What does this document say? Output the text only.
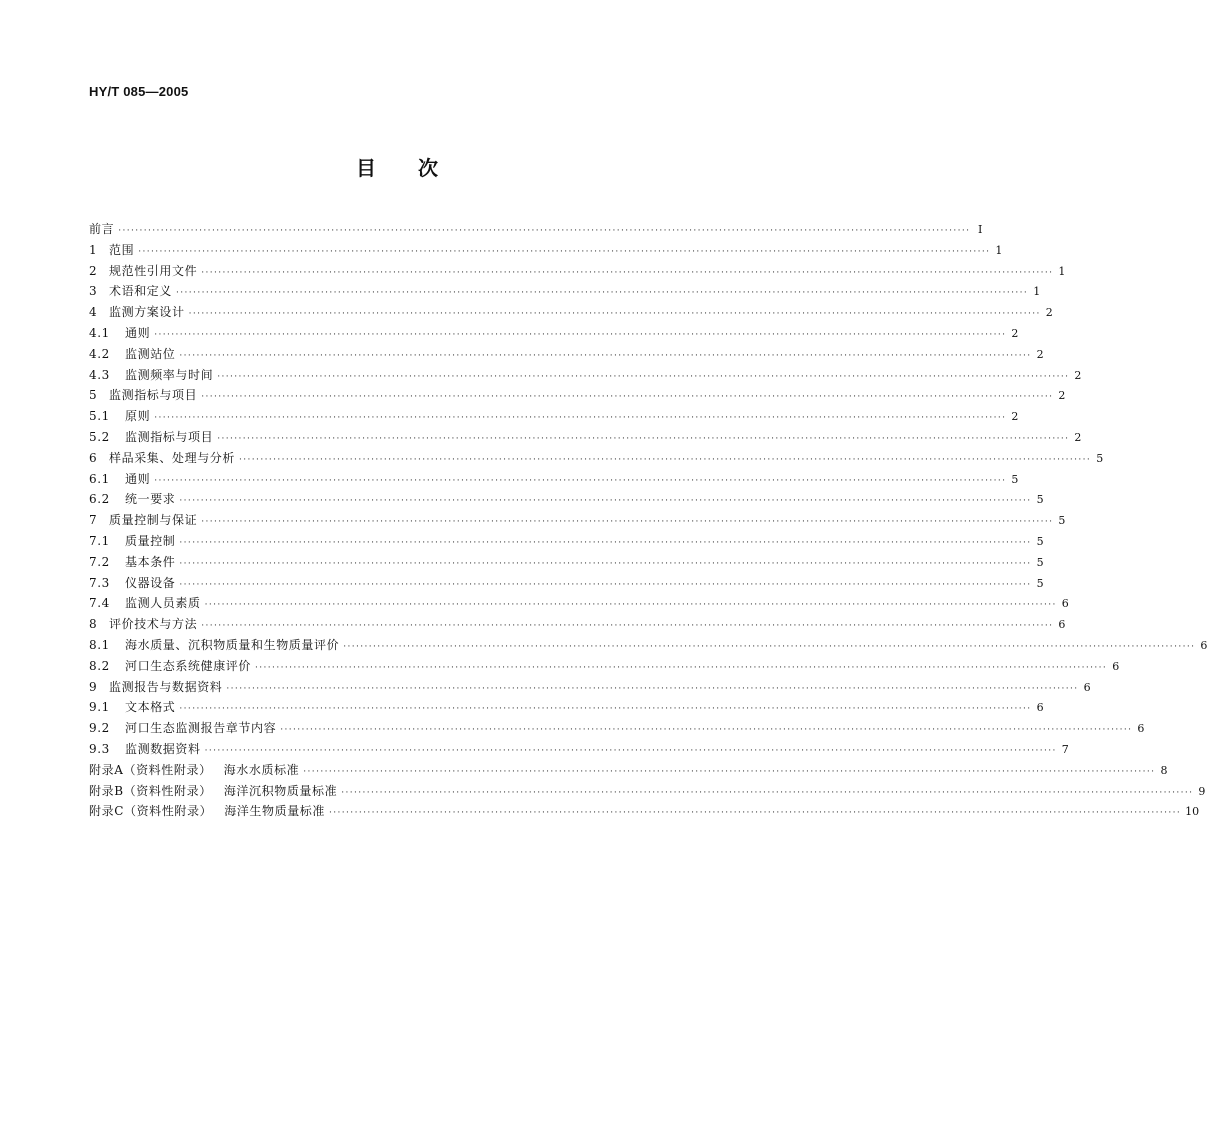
HY/T 085—2005
目次
前言 ········································································································································································································ I
1 范围 ········································································································································································································ 1
2 规范性引用文件 ········································································································································································································ 1
3 术语和定义 ········································································································································································································ 1
4 监测方案设计 ········································································································································································································ 2
4.1 通则 ········································································································································································································ 2
4.2 监测站位 ········································································································································································································ 2
4.3 监测频率与时间 ········································································································································································································ 2
5 监测指标与项目 ········································································································································································································ 2
5.1 原则 ········································································································································································································ 2
5.2 监测指标与项目 ········································································································································································································ 2
6 样品采集、处理与分析 ········································································································································································································ 5
6.1 通则 ········································································································································································································ 5
6.2 统一要求 ········································································································································································································ 5
7 质量控制与保证 ········································································································································································································ 5
7.1 质量控制 ········································································································································································································ 5
7.2 基本条件 ········································································································································································································ 5
7.3 仪器设备 ········································································································································································································ 5
7.4 监测人员素质 ········································································································································································································ 6
8 评价技术与方法 ········································································································································································································ 6
8.1 海水质量、沉积物质量和生物质量评价 ········································································································································································································ 6
8.2 河口生态系统健康评价 ········································································································································································································ 6
9 监测报告与数据资料 ········································································································································································································ 6
9.1 文本格式 ········································································································································································································ 6
9.2 河口生态监测报告章节内容 ········································································································································································································ 6
9.3 监测数据资料 ········································································································································································································ 7
附录A（资料性附录） 海水水质标准 ········································································································································································································ 8
附录B（资料性附录） 海洋沉积物质量标准 ········································································································································································································ 9
附录C（资料性附录） 海洋生物质量标准 ········································································································································································································ 10
